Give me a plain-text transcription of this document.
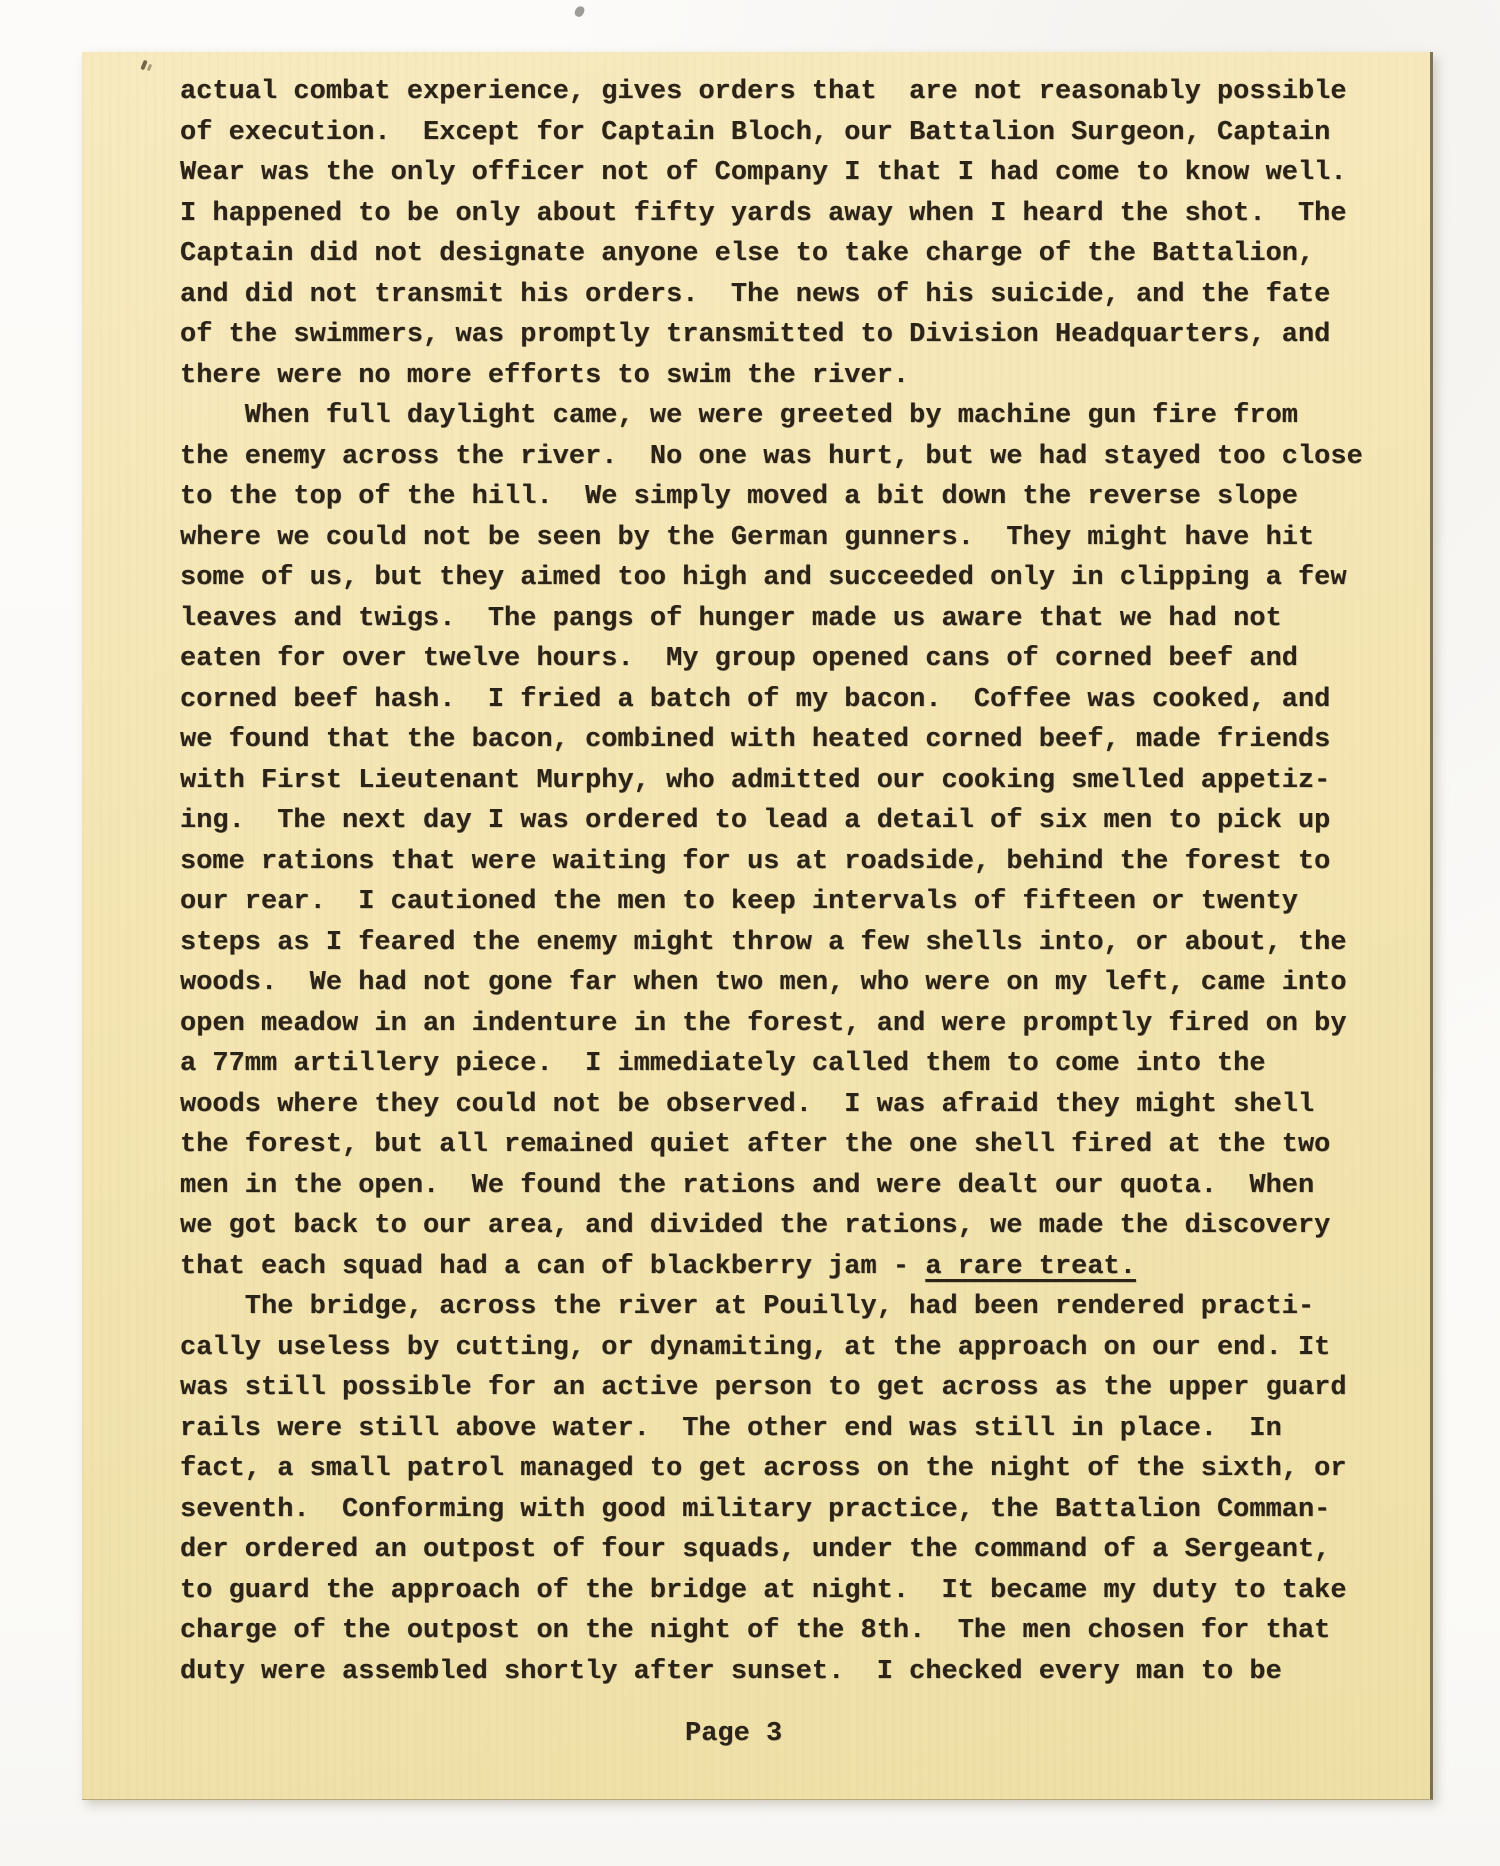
actual combat experience, gives orders that  are not reasonably possible
of execution.  Except for Captain Bloch, our Battalion Surgeon, Captain
Wear was the only officer not of Company I that I had come to know well.
I happened to be only about fifty yards away when I heard the shot.  The
Captain did not designate anyone else to take charge of the Battalion,
and did not transmit his orders.  The news of his suicide, and the fate
of the swimmers, was promptly transmitted to Division Headquarters, and
there were no more efforts to swim the river.
When full daylight came, we were greeted by machine gun fire from
the enemy across the river.  No one was hurt, but we had stayed too close
to the top of the hill.  We simply moved a bit down the reverse slope
where we could not be seen by the German gunners.  They might have hit
some of us, but they aimed too high and succeeded only in clipping a few
leaves and twigs.  The pangs of hunger made us aware that we had not
eaten for over twelve hours.  My group opened cans of corned beef and
corned beef hash.  I fried a batch of my bacon.  Coffee was cooked, and
we found that the bacon, combined with heated corned beef, made friends
with First Lieutenant Murphy, who admitted our cooking smelled appetiz-
ing.  The next day I was ordered to lead a detail of six men to pick up
some rations that were waiting for us at roadside, behind the forest to
our rear.  I cautioned the men to keep intervals of fifteen or twenty
steps as I feared the enemy might throw a few shells into, or about, the
woods.  We had not gone far when two men, who were on my left, came into
open meadow in an indenture in the forest, and were promptly fired on by
a 77mm artillery piece.  I immediately called them to come into the
woods where they could not be observed.  I was afraid they might shell
the forest, but all remained quiet after the one shell fired at the two
men in the open.  We found the rations and were dealt our quota.  When
we got back to our area, and divided the rations, we made the discovery
that each squad had a can of blackberry jam - a rare treat.
The bridge, across the river at Pouilly, had been rendered practi-
cally useless by cutting, or dynamiting, at the approach on our end. It
was still possible for an active person to get across as the upper guard
rails were still above water.  The other end was still in place.  In
fact, a small patrol managed to get across on the night of the sixth, or
seventh.  Conforming with good military practice, the Battalion Comman-
der ordered an outpost of four squads, under the command of a Sergeant,
to guard the approach of the bridge at night.  It became my duty to take
charge of the outpost on the night of the 8th.  The men chosen for that
duty were assembled shortly after sunset.  I checked every man to be
Page 3
